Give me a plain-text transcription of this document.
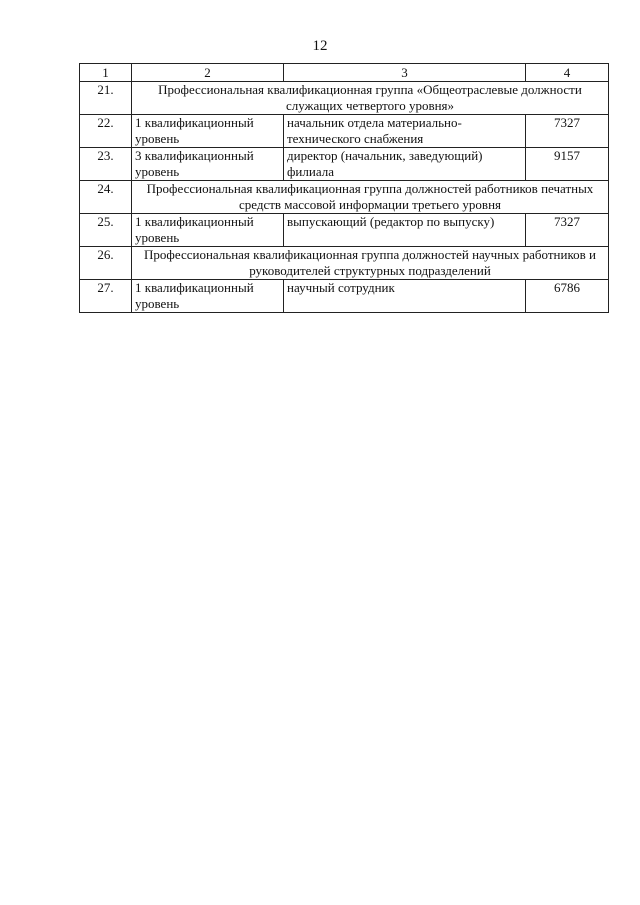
12
1	2	3	4
21.	Профессиональная квалификационная группа «Общеотраслевые должности служащих четвертого уровня»		
22.	1 квалификационный уровень	начальник отдела материально-технического снабжения	7327
23.	3 квалификационный уровень	директор (начальник, заведующий) филиала	9157
24.	Профессиональная квалификационная группа должностей работников печатных средств массовой информации третьего уровня		
25.	1 квалификационный уровень	выпускающий (редактор по выпуску)	7327
26.	Профессиональная квалификационная группа должностей научных работников и руководителей структурных подразделений		
27.	1 квалификационный уровень	научный сотрудник	6786
